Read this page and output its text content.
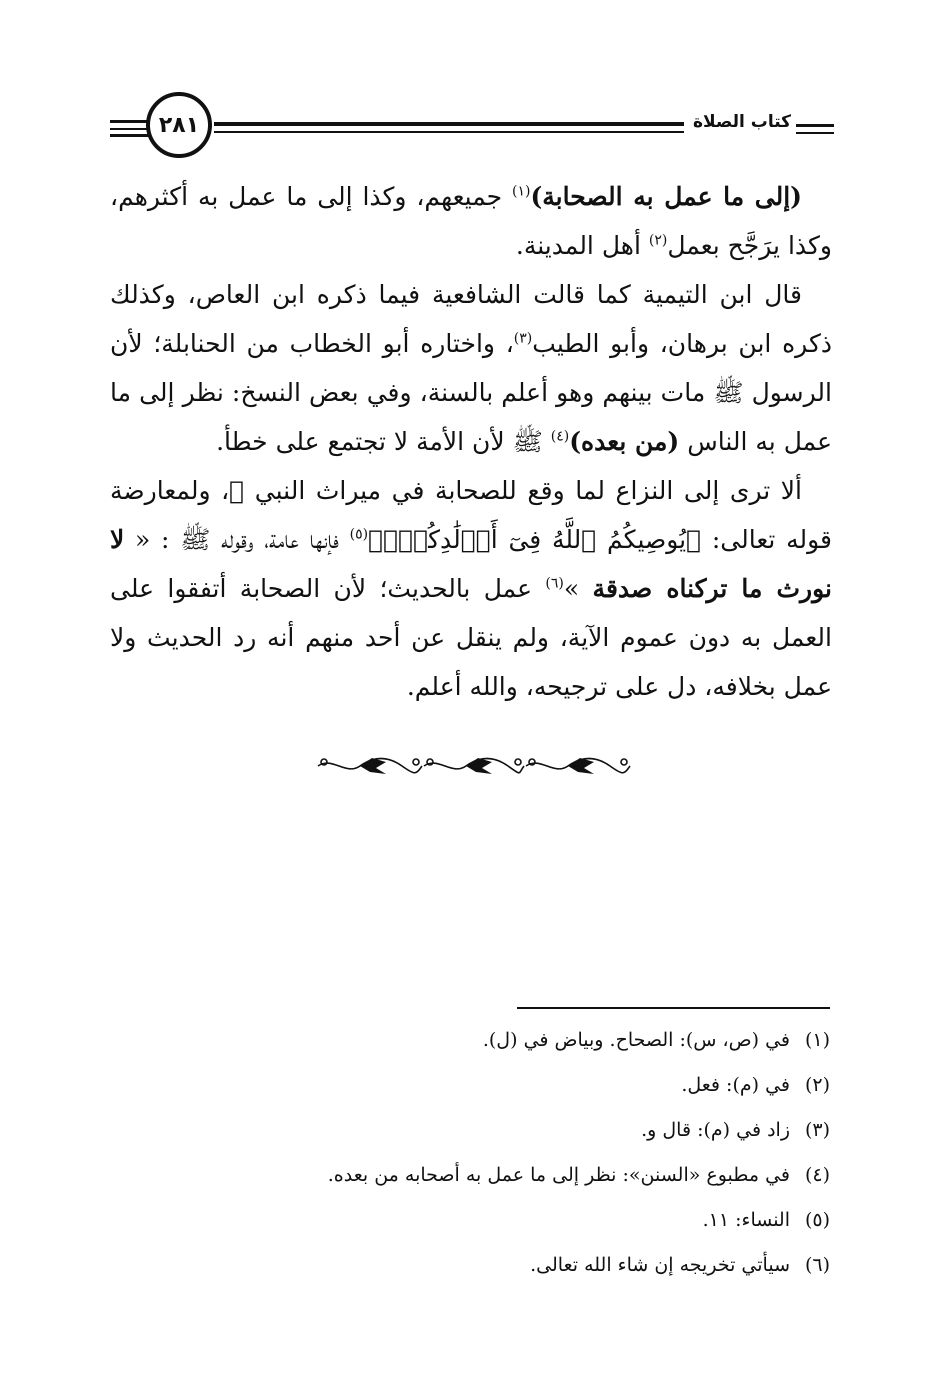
٢٨١	كتاب الصلاة

(إلى ما عمل به الصحابة)$^{(١)}$ جميعهم، وكذا إلى ما عمل به أكثرهم، وكذا يرَجَّح بعمل$^{(٢)}$ أهل المدينة.

قال ابن التيمية كما قالت الشافعية فيما ذكره ابن العاص، وكذلك ذكره ابن برهان، وأبو الطيب$^{(٣)}$، واختاره أبو الخطاب من الحنابلة؛ لأن الرسول ﷺ مات بينهم وهو أعلم بالسنة، وفي بعض النسخ: نظر إلى ما عمل به الناس (من بعده)$^{(٤)}$ ﷺ لأن الأمة لا تجتمع على خطأ.

ألا ترى إلى النزاع لما وقع للصحابة في ميراث النبي ﷺ، ولمعارضة قوله تعالى: ﴿يُوصِيكُمُ ٱللَّهُ فِىٓ أَوۡلَٰدِكُمۡۖ﴾$^{(٥)}$ فإنها عامة، وقوله ﷺ : « لا نورث ما تركناه صدقة »$^{(٦)}$ عمل بالحديث؛ لأن الصحابة أتفقوا على العمل به دون عموم الآية، ولم ينقل عن أحد منهم أنه رد الحديث ولا عمل بخلافه، دل على ترجيحه، والله أعلم.

(١)
في (ص، س): الصحاح. وبياض في (ل).
(٢)
في (م): فعل.
(٣)
زاد في (م): قال و.
(٤)
في مطبوع «السنن»: نظر إلى ما عمل به أصحابه من بعده.
(٥)
النساء: ١١.
(٦)
سيأتي تخريجه إن شاء الله تعالى.
